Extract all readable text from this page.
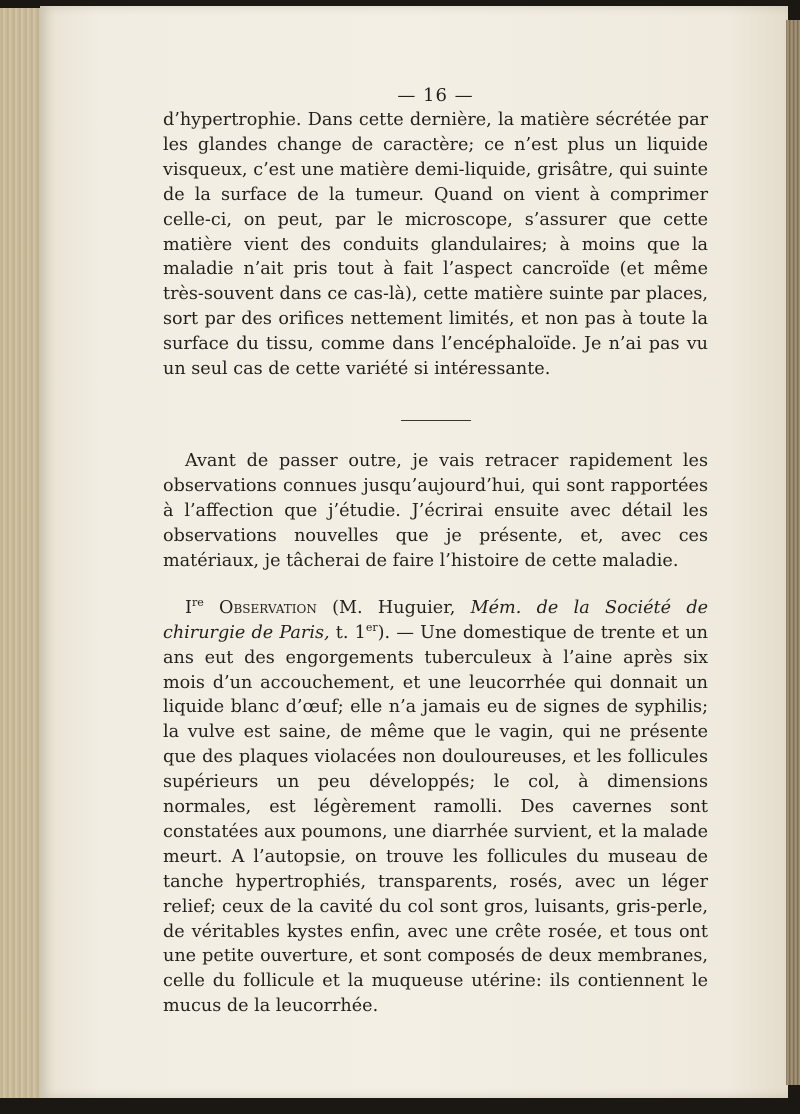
— 16 —

d’hypertrophie. Dans cette dernière, la matière sécrétée par les glandes change de caractère; ce n’est plus un liquide visqueux, c’est une matière demi-liquide, grisâtre, qui suinte de la surface de la tumeur. Quand on vient à comprimer celle-ci, on peut, par le microscope, s’assurer que cette matière vient des conduits glandulaires; à moins que la maladie n’ait pris tout à fait l’aspect cancroïde (et même très-souvent dans ce cas-là), cette matière suinte par places, sort par des orifices nettement limités, et non pas à toute la surface du tissu, comme dans l’encéphaloïde. Je n’ai pas vu un seul cas de cette variété si intéressante.

Avant de passer outre, je vais retracer rapidement les observations connues jusqu’aujourd’hui, qui sont rapportées à l’affection que j’étudie. J’écrirai ensuite avec détail les observations nouvelles que je présente, et, avec ces matériaux, je tâcherai de faire l’histoire de cette maladie.

Ire Observation (M. Huguier, Mém. de la Société de chirurgie de Paris, t. 1er). — Une domestique de trente et un ans eut des engorgements tuberculeux à l’aine après six mois d’un accouchement, et une leucorrhée qui donnait un liquide blanc d’œuf; elle n’a jamais eu de signes de syphilis; la vulve est saine, de même que le vagin, qui ne présente que des plaques violacées non douloureuses, et les follicules supérieurs un peu développés; le col, à dimensions normales, est légèrement ramolli. Des cavernes sont constatées aux poumons, une diarrhée survient, et la malade meurt. A l’autopsie, on trouve les follicules du museau de tanche hypertrophiés, transparents, rosés, avec un léger relief; ceux de la cavité du col sont gros, luisants, gris-perle, de véritables kystes enfin, avec une crête rosée, et tous ont une petite ouverture, et sont composés de deux membranes, celle du follicule et la muqueuse utérine: ils contiennent le mucus de la leucorrhée.
